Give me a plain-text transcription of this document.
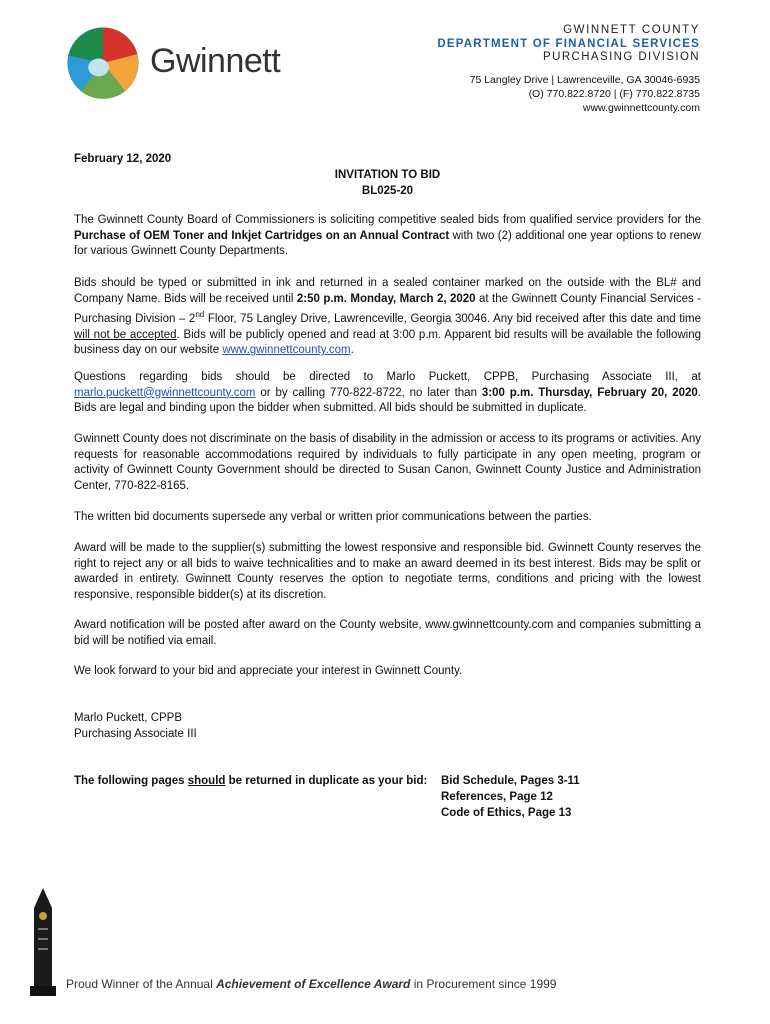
Gwinnett
GWINNETT COUNTY
DEPARTMENT OF FINANCIAL SERVICES
PURCHASING DIVISION
75 Langley Drive | Lawrenceville, GA 30046-6935
(O) 770.822.8720 | (F) 770.822.8735
www.gwinnettcounty.com
February 12, 2020
INVITATION TO BID
BL025-20
The Gwinnett County Board of Commissioners is soliciting competitive sealed bids from qualified service providers for the Purchase of OEM Toner and Inkjet Cartridges on an Annual Contract with two (2) additional one year options to renew for various Gwinnett County Departments.
Bids should be typed or submitted in ink and returned in a sealed container marked on the outside with the BL# and Company Name. Bids will be received until 2:50 p.m. Monday, March 2, 2020 at the Gwinnett County Financial Services - Purchasing Division – 2nd Floor, 75 Langley Drive, Lawrenceville, Georgia 30046. Any bid received after this date and time will not be accepted. Bids will be publicly opened and read at 3:00 p.m. Apparent bid results will be available the following business day on our website www.gwinnettcounty.com.
Questions regarding bids should be directed to Marlo Puckett, CPPB, Purchasing Associate III, at marlo.puckett@gwinnettcounty.com or by calling 770-822-8722, no later than 3:00 p.m. Thursday, February 20, 2020. Bids are legal and binding upon the bidder when submitted. All bids should be submitted in duplicate.
Gwinnett County does not discriminate on the basis of disability in the admission or access to its programs or activities. Any requests for reasonable accommodations required by individuals to fully participate in any open meeting, program or activity of Gwinnett County Government should be directed to Susan Canon, Gwinnett County Justice and Administration Center, 770-822-8165.
The written bid documents supersede any verbal or written prior communications between the parties.
Award will be made to the supplier(s) submitting the lowest responsive and responsible bid. Gwinnett County reserves the right to reject any or all bids to waive technicalities and to make an award deemed in its best interest. Bids may be split or awarded in entirety. Gwinnett County reserves the option to negotiate terms, conditions and pricing with the lowest responsive, responsible bidder(s) at its discretion.
Award notification will be posted after award on the County website, www.gwinnettcounty.com and companies submitting a bid will be notified via email.
We look forward to your bid and appreciate your interest in Gwinnett County.
Marlo Puckett, CPPB
Purchasing Associate III
The following pages should be returned in duplicate as your bid: Bid Schedule, Pages 3-11
References, Page 12
Code of Ethics, Page 13
Proud Winner of the Annual Achievement of Excellence Award in Procurement since 1999
